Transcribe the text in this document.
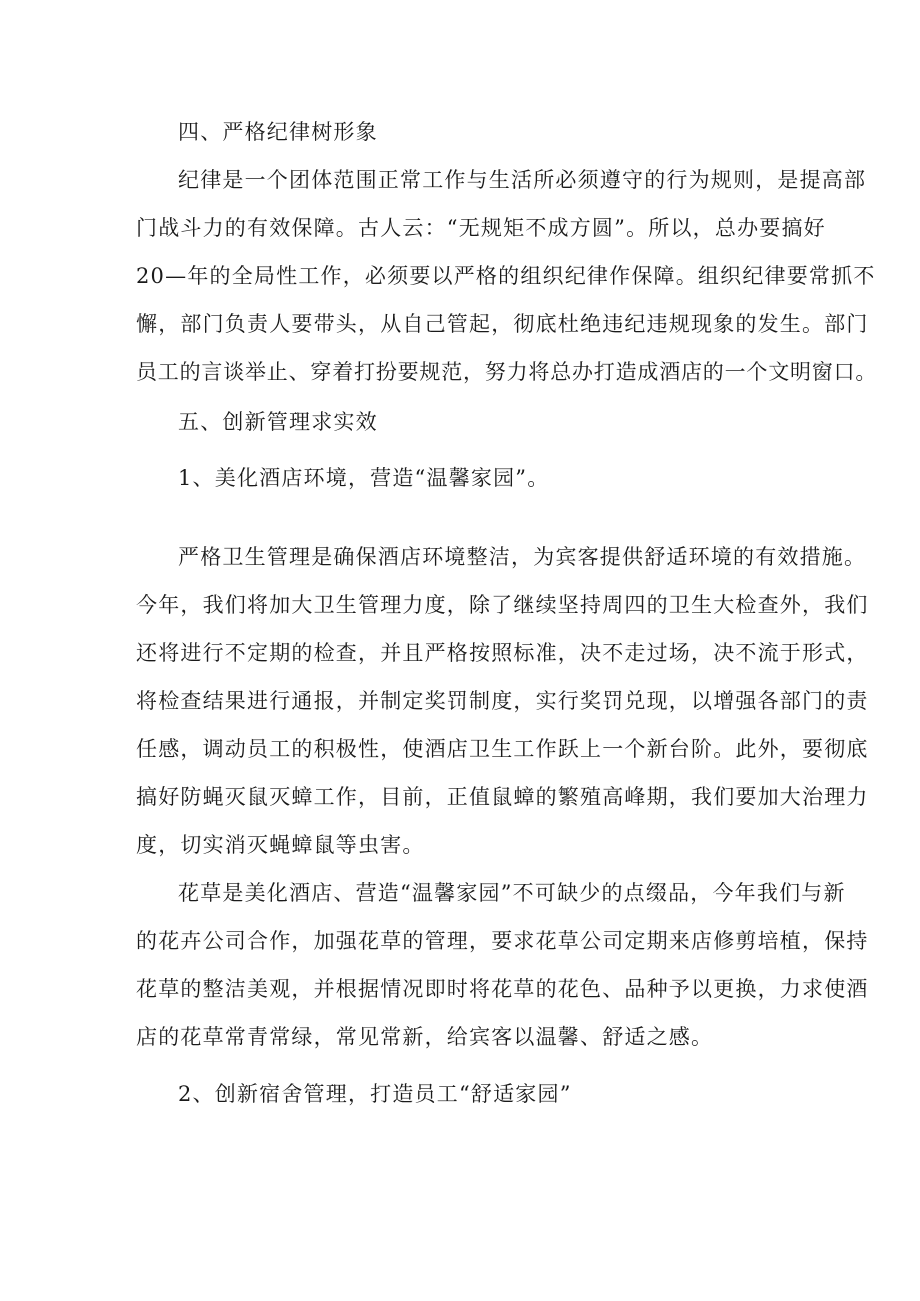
四、严格纪律树形象
纪律是一个团体范围正常工作与生活所必须遵守的行为规则，是提高部
门战斗力的有效保障。古人云：“无规矩不成方圆”。所以，总办要搞好
20—年的全局性工作，必须要以严格的组织纪律作保障。组织纪律要常抓不
懈，部门负责人要带头，从自己管起，彻底杜绝违纪违规现象的发生。部门
员工的言谈举止、穿着打扮要规范，努力将总办打造成酒店的一个文明窗口。
五、创新管理求实效
1、美化酒店环境，营造“温馨家园”。
严格卫生管理是确保酒店环境整洁，为宾客提供舒适环境的有效措施。
今年，我们将加大卫生管理力度，除了继续坚持周四的卫生大检查外，我们
还将进行不定期的检查，并且严格按照标准，决不走过场，决不流于形式，
将检查结果进行通报，并制定奖罚制度，实行奖罚兑现，以增强各部门的责
任感，调动员工的积极性，使酒店卫生工作跃上一个新台阶。此外，要彻底
搞好防蝇灭鼠灭蟑工作，目前，正值鼠蟑的繁殖高峰期，我们要加大治理力
度，切实消灭蝇蟑鼠等虫害。
花草是美化酒店、营造“温馨家园”不可缺少的点缀品，今年我们与新
的花卉公司合作，加强花草的管理，要求花草公司定期来店修剪培植，保持
花草的整洁美观，并根据情况即时将花草的花色、品种予以更换，力求使酒
店的花草常青常绿，常见常新，给宾客以温馨、舒适之感。
2、创新宿舍管理，打造员工“舒适家园”
